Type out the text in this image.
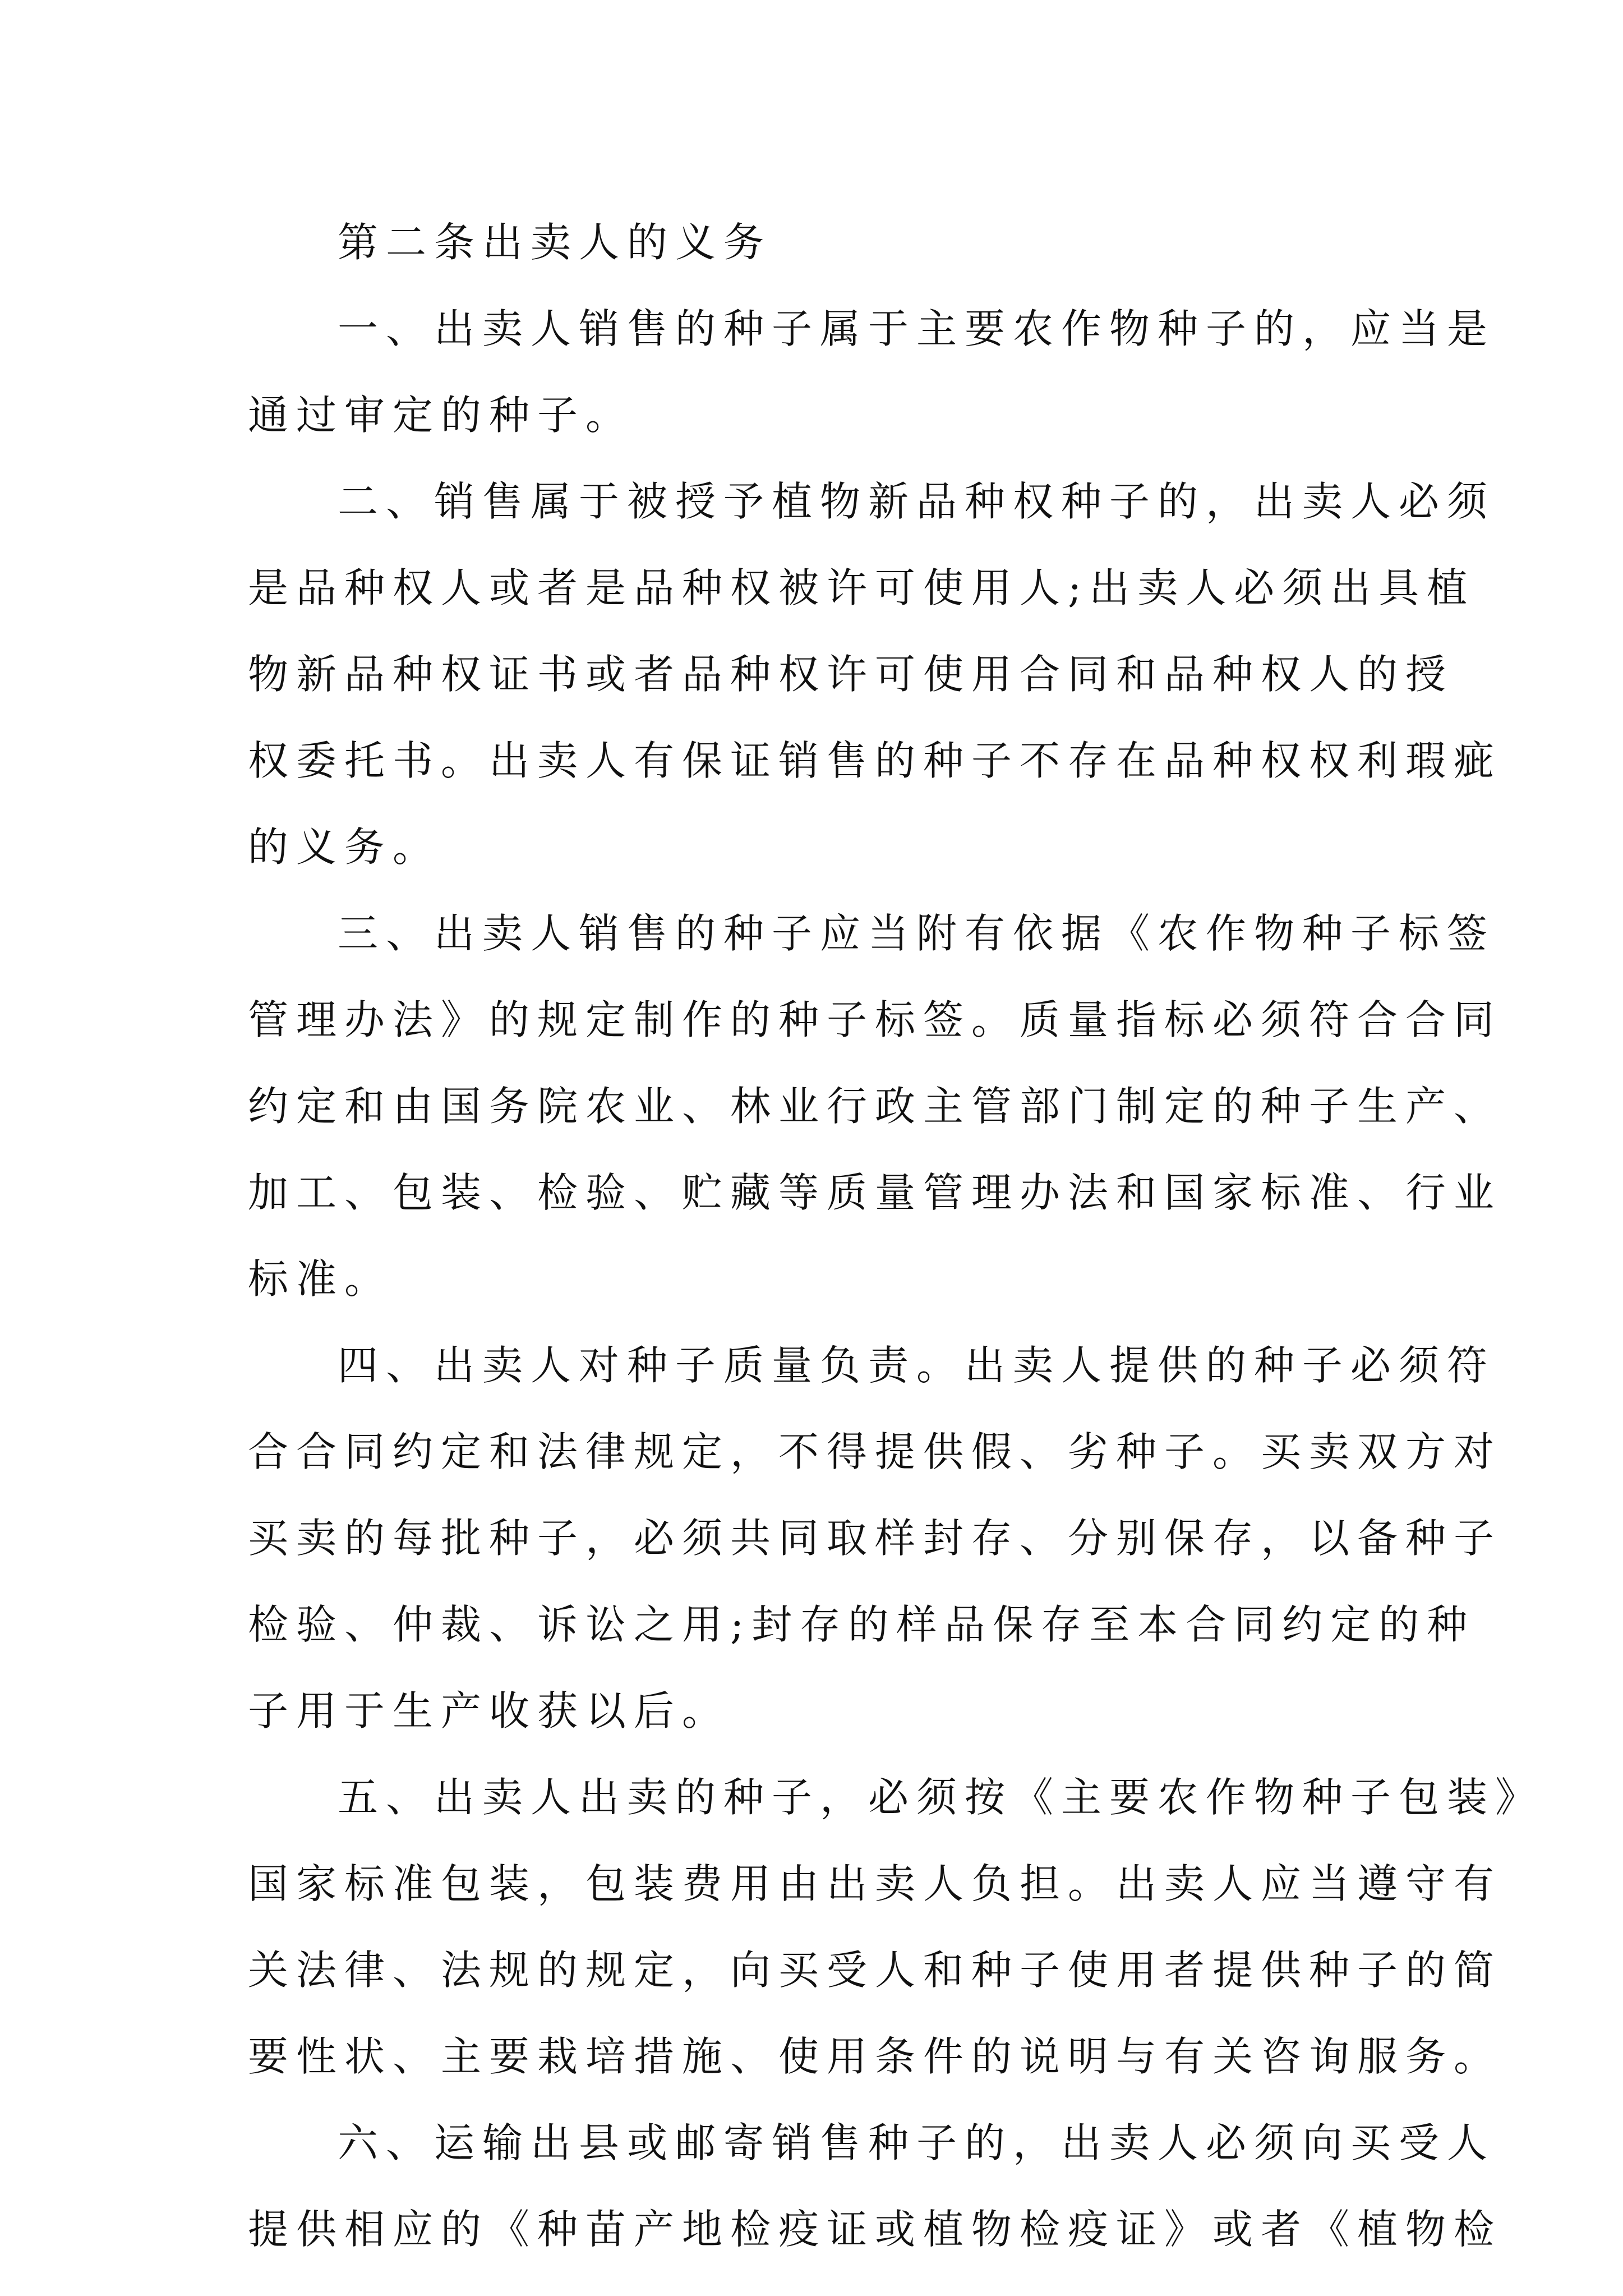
第二条出卖人的义务
一、出卖人销售的种子属于主要农作物种子的，应当是
通过审定的种子。
二、销售属于被授予植物新品种权种子的，出卖人必须
是品种权人或者是品种权被许可使用人;出卖人必须出具植
物新品种权证书或者品种权许可使用合同和品种权人的授
权委托书。出卖人有保证销售的种子不存在品种权权利瑕疵
的义务。
三、出卖人销售的种子应当附有依据《农作物种子标签
管理办法》的规定制作的种子标签。质量指标必须符合合同
约定和由国务院农业、林业行政主管部门制定的种子生产、
加工、包装、检验、贮藏等质量管理办法和国家标准、行业
标准。
四、出卖人对种子质量负责。出卖人提供的种子必须符
合合同约定和法律规定，不得提供假、劣种子。买卖双方对
买卖的每批种子，必须共同取样封存、分别保存，以备种子
检验、仲裁、诉讼之用;封存的样品保存至本合同约定的种
子用于生产收获以后。
五、出卖人出卖的种子，必须按《主要农作物种子包装》
国家标准包装，包装费用由出卖人负担。出卖人应当遵守有
关法律、法规的规定，向买受人和种子使用者提供种子的简
要性状、主要栽培措施、使用条件的说明与有关咨询服务。
六、运输出县或邮寄销售种子的，出卖人必须向买受人
提供相应的《种苗产地检疫证或植物检疫证》或者《植物检
